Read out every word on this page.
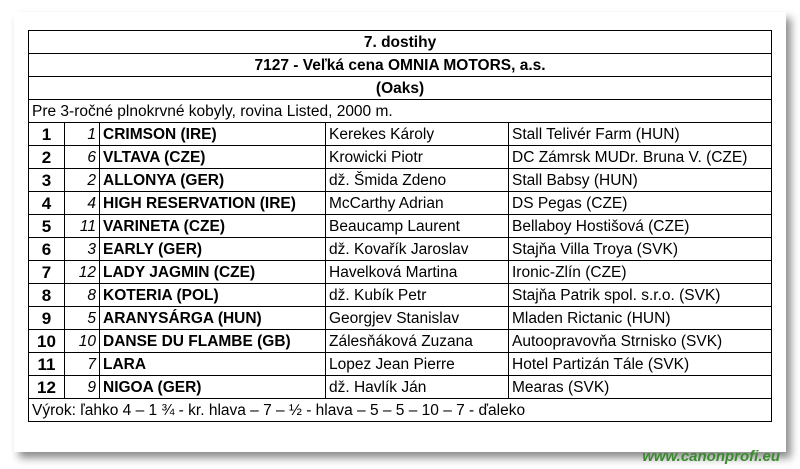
7. dostihy				
7127 - Veľká cena OMNIA MOTORS, a.s.				
(Oaks)				
Pre 3-ročné plnokrvné kobyly, rovina Listed, 2000 m.				
1	1	CRIMSON (IRE)	Kerekes Károly	Stall Telivér Farm (HUN)
2	6	VLTAVA (CZE)	Krowicki Piotr	DC Zámrsk MUDr. Bruna V. (CZE)
3	2	ALLONYA (GER)	dž. Šmida Zdeno	Stall Babsy (HUN)
4	4	HIGH RESERVATION (IRE)	McCarthy Adrian	DS Pegas (CZE)
5	11	VARINETA (CZE)	Beaucamp Laurent	Bellaboy Hostišová (CZE)
6	3	EARLY (GER)	dž. Kovařík Jaroslav	Stajňa Villa Troya (SVK)
7	12	LADY JAGMIN (CZE)	Havelková Martina	Ironic-Zlín (CZE)
8	8	KOTERIA (POL)	dž. Kubík Petr	Stajňa Patrik spol. s.r.o. (SVK)
9	5	ARANYSÁRGA (HUN)	Georgjev Stanislav	Mladen Rictanic (HUN)
10	10	DANSE DU FLAMBE (GB)	Zálesňáková Zuzana	Autoopravovňa Strnisko (SVK)
11	7	LARA	Lopez Jean Pierre	Hotel Partizán Tále (SVK)
12	9	NIGOA (GER)	dž. Havlík Ján	Mearas (SVK)
Výrok: ľahko 4 – 1 ¾ - kr. hlava – 7 – ½ - hlava – 5 – 5 – 10 – 7 - ďaleko				
www.canonprofi.eu
